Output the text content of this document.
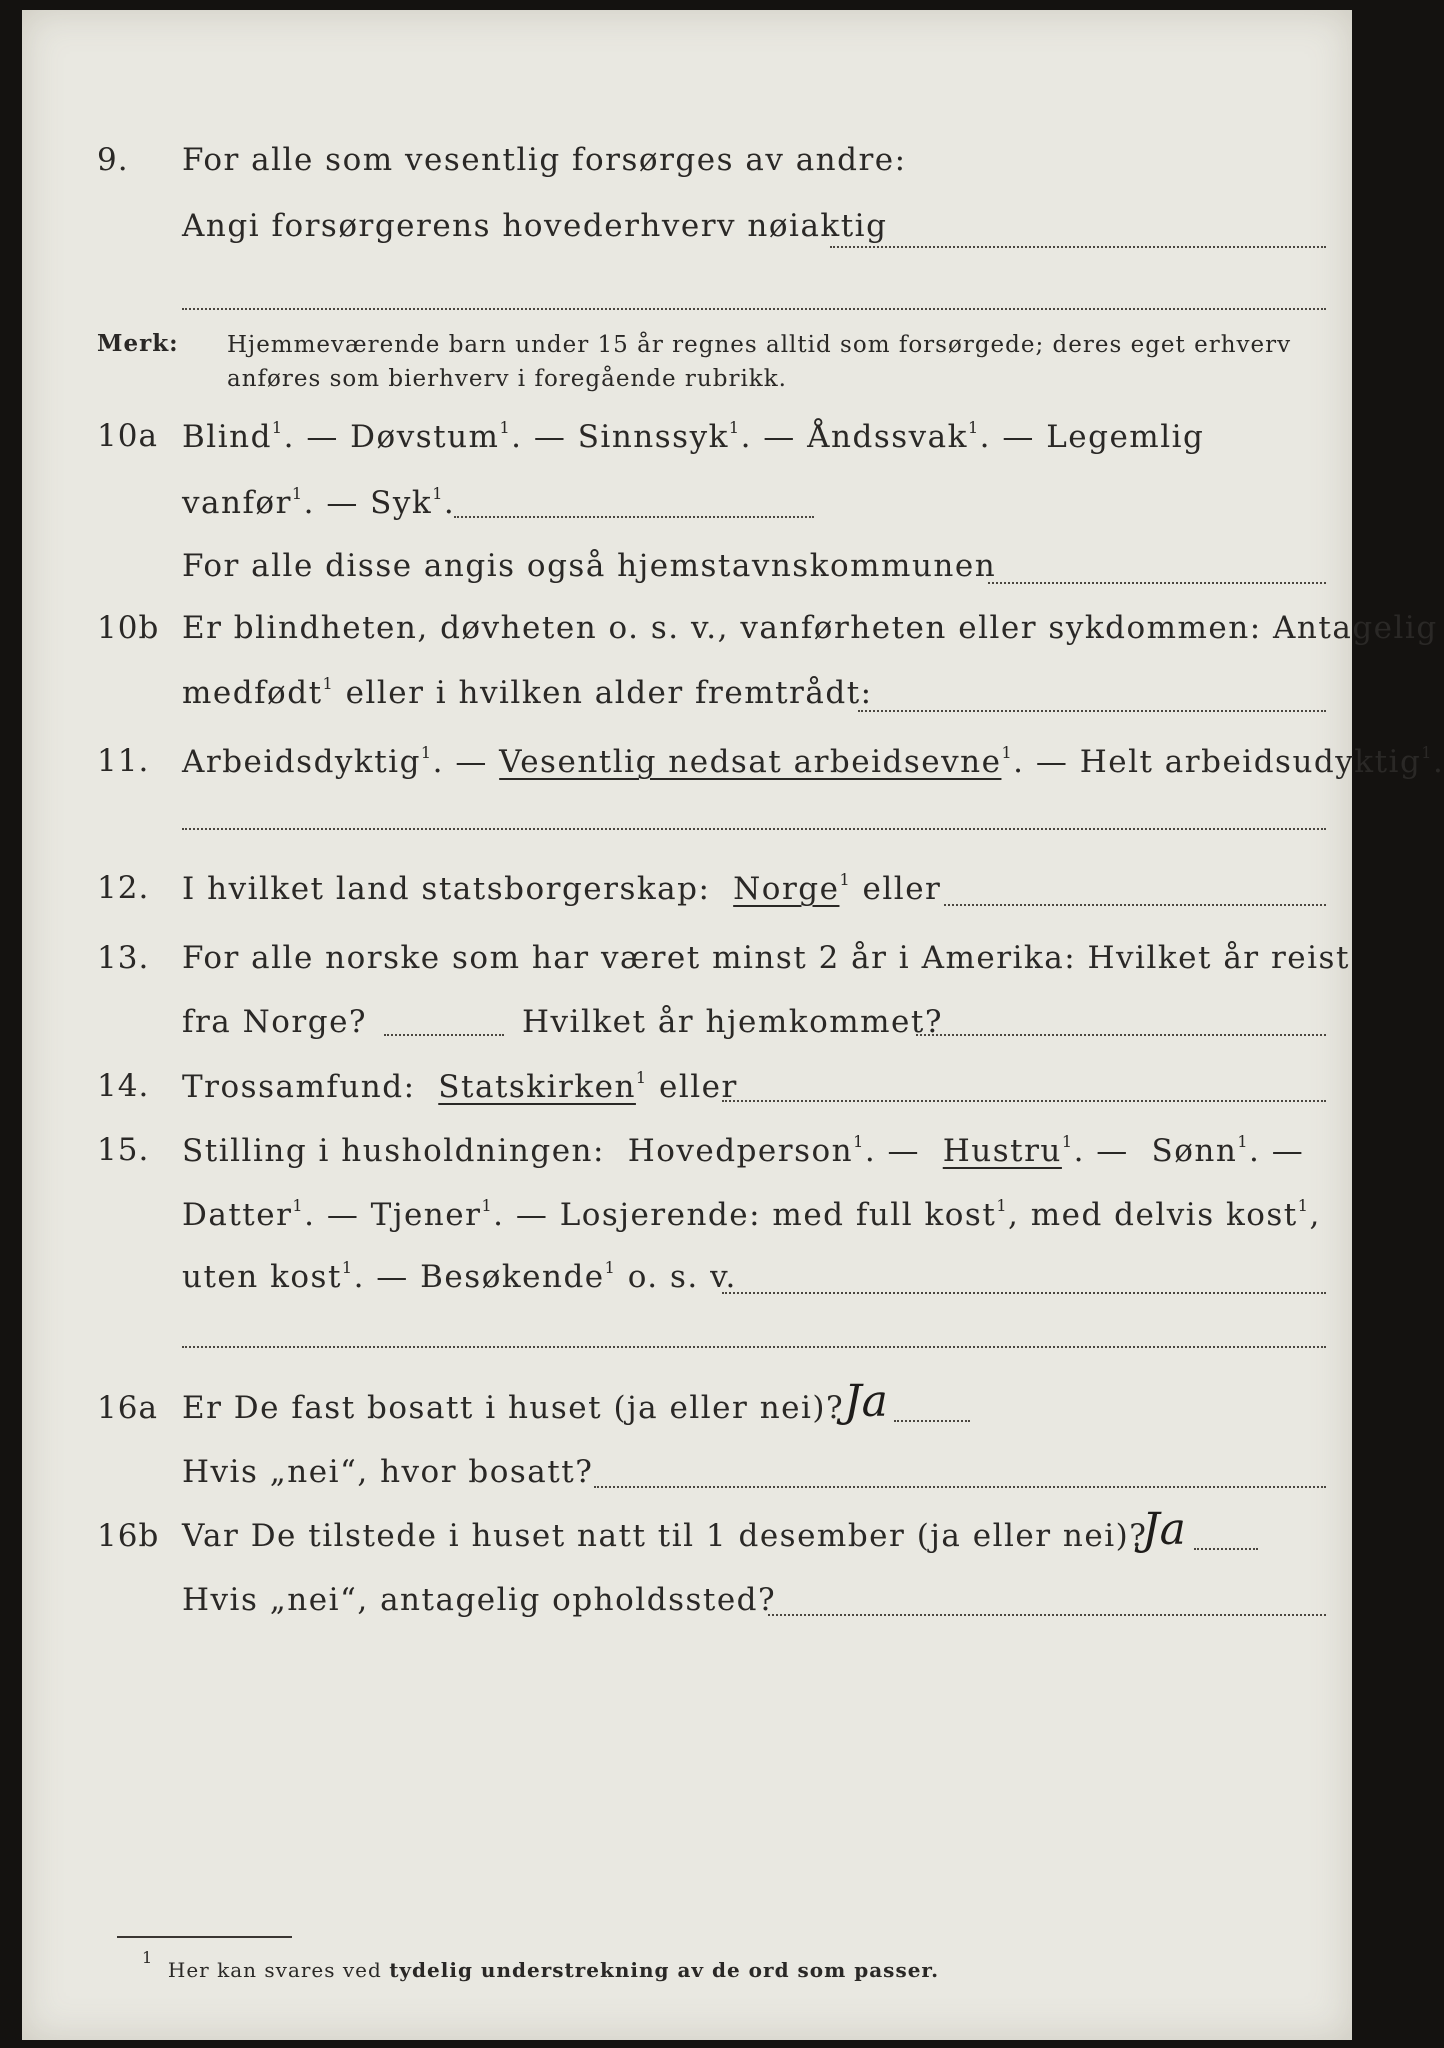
9. For alle som vesentlig forsørges av andre:
Angi forsørgerens hovederhverv nøiaktig
Merk: Hjemmeværende barn under 15 år regnes alltid som forsørgede; deres eget erhverv
anføres som bierhverv i foregående rubrikk.
10a Blind$^1$. — Døvstum$^1$. — Sinnssyk$^1$. — Åndssvak$^1$. — Legemlig
vanfør$^1$. — Syk$^1$.
For alle disse angis også hjemstavnskommunen
10b Er blindheten, døvheten o. s. v., vanførheten eller sykdommen: Antagelig
medfødt$^1$ eller i hvilken alder fremtrådt:
11. Arbeidsdyktig$^1$. — Vesentlig nedsat arbeidsevne$^1$. — Helt arbeidsudyktig$^1$.
12. I hvilket land statsborgerskap: Norge$^1$ eller
13. For alle norske som har været minst 2 år i Amerika: Hvilket år reist
fra Norge?	Hvilket år hjemkommet?
14. Trossamfund: Statskirken$^1$ eller
15. Stilling i husholdningen: Hovedperson$^1$. —  Hustru$^1$. —  Sønn$^1$. —
Datter$^1$. — Tjener$^1$. — Losjerende: med full kost$^1$, med delvis kost$^1$,
uten kost$^1$. — Besøkende$^1$ o. s. v.
16a Er De fast bosatt i huset (ja eller nei)? Ja
Hvis „nei“, hvor bosatt?
16b Var De tilstede i huset natt til 1 desember (ja eller nei)?
Ja
Hvis „nei“, antagelig opholdssted?
$^1$  Her kan svares ved tydelig understrekning av de ord som passer.
